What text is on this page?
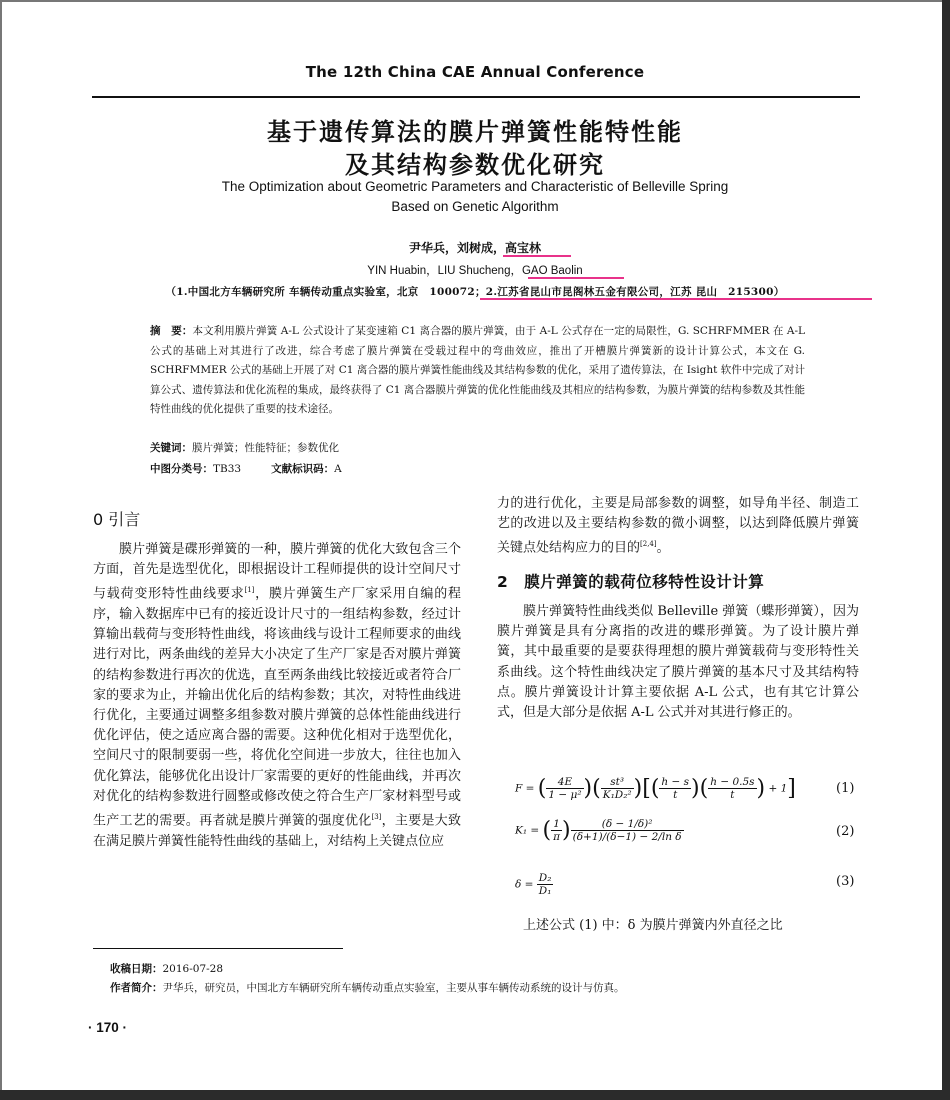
The 12th China CAE Annual Conference
基于遗传算法的膜片弹簧性能特性能
及其结构参数优化研究
The Optimization about Geometric Parameters and Characteristic of Belleville Spring
Based on Genetic Algorithm
尹华兵，刘树成，高宝林
YIN Huabin，LIU Shucheng，GAO Baolin
（1.中国北方车辆研究所 车辆传动重点实验室，北京　100072；2.江苏省昆山市昆阁林五金有限公司，江苏 昆山　215300）
摘　要：本文利用膜片弹簧 A-L 公式设计了某变速箱 C1 离合器的膜片弹簧，由于 A-L 公式存在一定的局限性，G. SCHRFMMER 在 A-L 公式的基础上对其进行了改进，综合考虑了膜片弹簧在受载过程中的弯曲效应，推出了开槽膜片弹簧新的设计计算公式，本文在 G. SCHRFMMER 公式的基础上开展了对 C1 离合器的膜片弹簧性能曲线及其结构参数的优化，采用了遗传算法，在 Isight 软件中完成了对计算公式、遗传算法和优化流程的集成，最终获得了 C1 离合器膜片弹簧的优化性能曲线及其相应的结构参数，为膜片弹簧的结构参数及其性能特性曲线的优化提供了重要的技术途径。
关键词：膜片弹簧；性能特征；参数优化
中图分类号：TB33	文献标识码：A
0 引言

膜片弹簧是碟形弹簧的一种，膜片弹簧的优化大致包含三个方面，首先是选型优化，即根据设计工程师提供的设计空间尺寸与载荷变形特性曲线要求[1]，膜片弹簧生产厂家采用自编的程序，输入数据库中已有的接近设计尺寸的一组结构参数，经过计算输出载荷与变形特性曲线，将该曲线与设计工程师要求的曲线进行对比，两条曲线的差异大小决定了生产厂家是否对膜片弹簧的结构参数进行再次的优选，直至两条曲线比较接近或者符合厂家的要求为止，并输出优化后的结构参数；其次，对特性曲线进行优化，主要通过调整多组参数对膜片弹簧的总体性能曲线进行优化评估，使之适应离合器的需要。这种优化相对于选型优化，空间尺寸的限制要弱一些，将优化空间进一步放大，往往也加入优化算法，能够优化出设计厂家需要的更好的性能曲线，并再次对优化的结构参数进行圆整或修改使之符合生产厂家材料型号或生产工艺的需要。再者就是膜片弹簧的强度优化[3]，主要是大致在满足膜片弹簧性能特性曲线的基础上，对结构上关键点位应

力的进行优化，主要是局部参数的调整，如导角半径、制造工艺的改进以及主要结构参数的微小调整，以达到降低膜片弹簧关键点处结构应力的目的[2,4]。
2　膜片弹簧的载荷位移特性设计计算

膜片弹簧特性曲线类似 Belleville 弹簧（蝶形弹簧），因为膜片弹簧是具有分离指的改进的蝶形弹簧。为了设计膜片弹簧，其中最重要的是要获得理想的膜片弹簧载荷与变形特性关系曲线。这个特性曲线决定了膜片弹簧的基本尺寸及其结构特点。膜片弹簧设计计算主要依据 A-L 公式，也有其它计算公式，但是大部分是依据 A-L 公式并对其进行修正的。

F = ( $\frac{4E}{\text{1 − μ²}}$ )( $\frac{\text{st³}}{\text{K₁D₂²}}$ )[( $\frac{h - s}{t}$ )( $\frac{h - 0.5s}{t}$ ) + 1]	(1)
K₁ = ( $\frac{1}{\pi}$ ) $\frac{\text{(δ − 1/δ)²}}{\text{(δ+1)/(δ−1) − 2/ln δ}}$	(2)
$\delta = \frac{\text{D₂}}{\text{D₁}}$	(3)
上述公式 (1) 中：δ 为膜片弹簧内外直径之比
收稿日期：2016-07-28
作者简介：尹华兵，研究员，中国北方车辆研究所车辆传动重点实验室，主要从事车辆传动系统的设计与仿真。
· 170 ·
